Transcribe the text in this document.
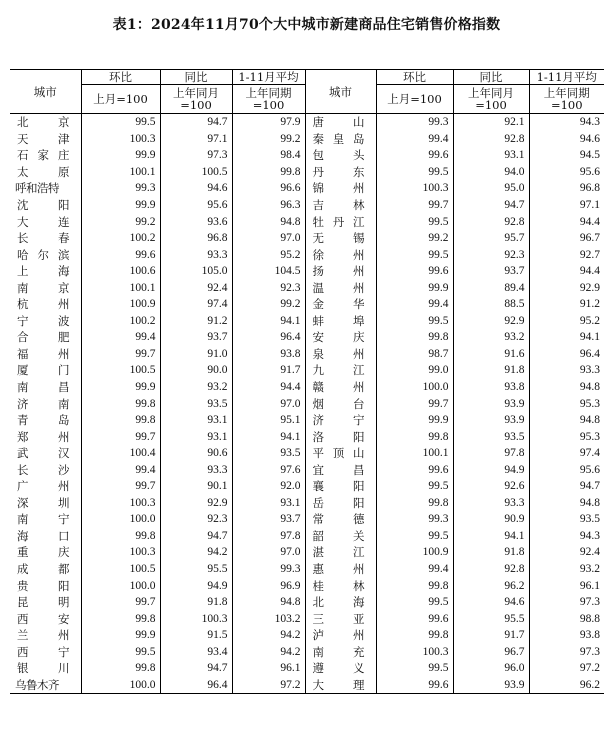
表1：2024年11月70个大中城市新建商品住宅销售价格指数

城市	环比	同比	1-11月平均	城市	环比	同比	1-11月平均
	上月=100	上年同月
=100	上年同期
=100		上月=100	上年同月
=100	上年同期
=100

北京	99.5	94.7	97.9	唐山	99.3	92.1	94.3
天津	100.3	97.1	99.2	秦皇岛	99.4	92.8	94.6
石家庄	99.9	97.3	98.4	包头	99.6	93.1	94.5
太原	100.1	100.5	99.8	丹东	99.5	94.0	95.6
呼和浩特	99.3	94.6	96.6	锦州	100.3	95.0	96.8
沈阳	99.9	95.6	96.3	吉林	99.7	94.7	97.1
大连	99.2	93.6	94.8	牡丹江	99.5	92.8	94.4
长春	100.2	96.8	97.0	无锡	99.2	95.7	96.7
哈尔滨	99.6	93.3	95.2	徐州	99.5	92.3	92.7
上海	100.6	105.0	104.5	扬州	99.6	93.7	94.4
南京	100.1	92.4	92.3	温州	99.9	89.4	92.9
杭州	100.9	97.4	99.2	金华	99.4	88.5	91.2
宁波	100.2	91.2	94.1	蚌埠	99.5	92.9	95.2
合肥	99.4	93.7	96.4	安庆	99.8	93.2	94.1
福州	99.7	91.0	93.8	泉州	98.7	91.6	96.4
厦门	100.5	90.0	91.7	九江	99.0	91.8	93.3
南昌	99.9	93.2	94.4	赣州	100.0	93.8	94.8
济南	99.8	93.5	97.0	烟台	99.7	93.9	95.3
青岛	99.8	93.1	95.1	济宁	99.9	93.9	94.8
郑州	99.7	93.1	94.1	洛阳	99.8	93.5	95.3
武汉	100.4	90.6	93.5	平顶山	100.1	97.8	97.4
长沙	99.4	93.3	97.6	宜昌	99.6	94.9	95.6
广州	99.7	90.1	92.0	襄阳	99.5	92.6	94.7
深圳	100.3	92.9	93.1	岳阳	99.8	93.3	94.8
南宁	100.0	92.3	93.7	常德	99.3	90.9	93.5
海口	99.8	94.7	97.8	韶关	99.5	94.1	94.3
重庆	100.3	94.2	97.0	湛江	100.9	91.8	92.4
成都	100.5	95.5	99.3	惠州	99.4	92.8	93.2
贵阳	100.0	94.9	96.9	桂林	99.8	96.2	96.1
昆明	99.7	91.8	94.8	北海	99.5	94.6	97.3
西安	99.8	100.3	103.2	三亚	99.6	95.5	98.8
兰州	99.9	91.5	94.2	泸州	99.8	91.7	93.8
西宁	99.5	93.4	94.2	南充	100.3	96.7	97.3
银川	99.8	94.7	96.1	遵义	99.5	96.0	97.2
乌鲁木齐	100.0	96.4	97.2	大理	99.6	93.9	96.2
